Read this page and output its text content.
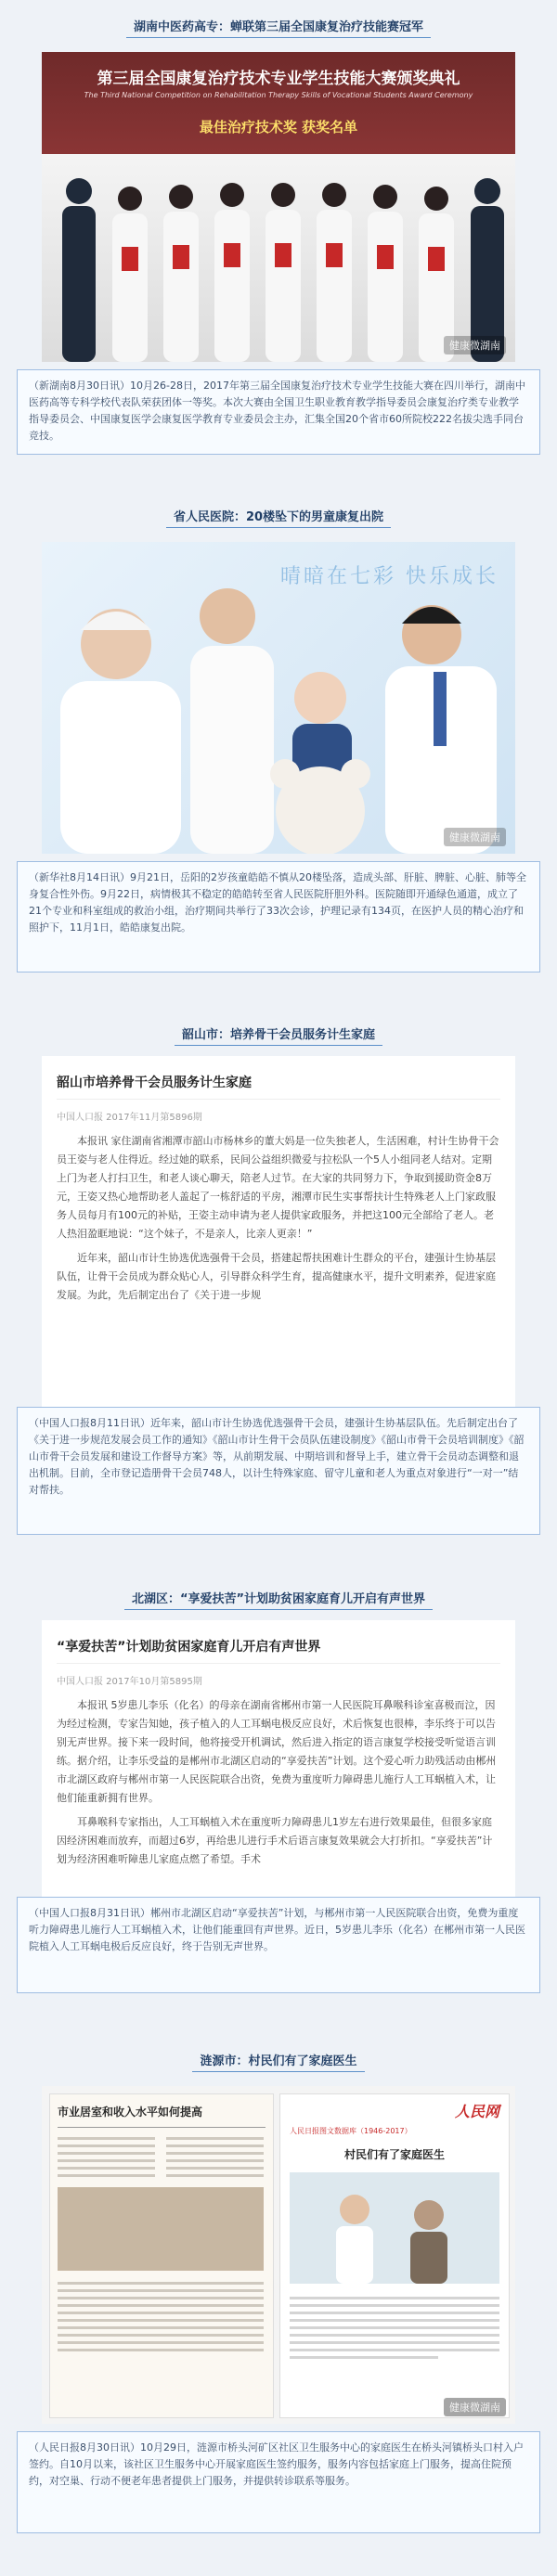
湖南中医药高专：蝉联第三届全国康复治疗技能赛冠军
第三届全国康复治疗技术专业学生技能大赛颁奖典礼
The Third National Competition on Rehabilitation Therapy Skills of Vocational Students Award Ceremony
最佳治疗技术奖 获奖名单
健康微湖南
（新湖南8月30日讯）10月26-28日，2017年第三届全国康复治疗技术专业学生技能大赛在四川举行，湖南中医药高等专科学校代表队荣获团体一等奖。本次大赛由全国卫生职业教育教学指导委员会康复治疗类专业教学指导委员会、中国康复医学会康复医学教育专业委员会主办，汇集全国20个省市60所院校222名拔尖选手同台竞技。
省人民医院：20楼坠下的男童康复出院
晴暗在七彩 快乐成长
健康微湖南
（新华社8月14日讯）9月21日，岳阳的2岁孩童皓皓不慎从20楼坠落，造成头部、肝脏、脾脏、心脏、肺等全身复合性外伤。9月22日，病情极其不稳定的皓皓转至省人民医院肝胆外科。医院随即开通绿色通道，成立了21个专业和科室组成的救治小组，治疗期间共举行了33次会诊，护理记录有134页，在医护人员的精心治疗和照护下，11月1日，皓皓康复出院。
韶山市：培养骨干会员服务计生家庭
韶山市培养骨干会员服务计生家庭
中国人口报 2017年11月第5896期

本报讯 家住湖南省湘潭市韶山市杨林乡的董大妈是一位失独老人，生活困难，村计生协骨干会员王姿与老人住得近。经过她的联系，民间公益组织微爱与拉松队一个5人小组同老人结对。定期上门为老人打扫卫生，和老人谈心聊天，陪老人过节。在大家的共同努力下，争取到援助资金8万元，王姿又热心地帮助老人盖起了一栋舒适的平房，湘潭市民生实事帮扶计生特殊老人上门家政服务人员每月有100元的补贴，王姿主动申请为老人提供家政服务，并把这100元全部给了老人。老人热泪盈眶地说：“这个妹子，不是亲人，比亲人更亲！”

近年来，韶山市计生协选优选强骨干会员，搭建起帮扶困难计生群众的平台，建强计生协基层队伍，让骨干会员成为群众贴心人，引导群众科学生育，提高健康水平，提升文明素养，促进家庭发展。为此，先后制定出台了《关于进一步规

（中国人口报8月11日讯）近年来，韶山市计生协选优选强骨干会员，建强计生协基层队伍。先后制定出台了《关于进一步规范发展会员工作的通知》《韶山市计生骨干会员队伍建设制度》《韶山市骨干会员培训制度》《韶山市骨干会员发展和建设工作督导方案》等，从前期发展、中期培训和督导上手，建立骨干会员动态调整和退出机制。目前，全市登记造册骨干会员748人，以计生特殊家庭、留守儿童和老人为重点对象进行“一对一”结对帮扶。
北湖区：“享爱扶苦”计划助贫困家庭育儿开启有声世界
“享爱扶苦”计划助贫困家庭育儿开启有声世界
中国人口报 2017年10月第5895期

本报讯 5岁患儿李乐（化名）的母亲在湖南省郴州市第一人民医院耳鼻喉科诊室喜极而泣，因为经过检测，专家告知她，孩子植入的人工耳蜗电极反应良好，术后恢复也很棒，李乐终于可以告别无声世界。接下来一段时间，他将接受开机调试，然后进入指定的语言康复学校接受听觉语言训练。据介绍，让李乐受益的是郴州市北湖区启动的“享爱扶苦”计划。这个爱心听力助残活动由郴州市北湖区政府与郴州市第一人民医院联合出资，免费为重度听力障碍患儿施行人工耳蜗植入术，让他们能重新拥有世界。

耳鼻喉科专家指出，人工耳蜗植入术在重度听力障碍患儿1岁左右进行效果最佳，但很多家庭因经济困难而放弃，而超过6岁，再给患儿进行手术后语言康复效果就会大打折扣。“享爱扶苦”计划为经济困难听障患儿家庭点燃了希望。手术

（中国人口报8月31日讯）郴州市北湖区启动“享爱扶苦”计划，与郴州市第一人民医院联合出资，免费为重度听力障碍患儿施行人工耳蜗植入术，让他们能重回有声世界。近日，5岁患儿李乐（化名）在郴州市第一人民医院植入人工耳蜗电极后反应良好，终于告别无声世界。
涟源市：村民们有了家庭医生
市业居室和收入水平如何提高	人民网
人民日报图文数据库（1946-2017）
村民们有了家庭医生
健康微湖南
（人民日报8月30日讯）10月29日，涟源市桥头河矿区社区卫生服务中心的家庭医生在桥头河镇桥头口村入户签约。自10月以来，该社区卫生服务中心开展家庭医生签约服务，服务内容包括家庭上门服务，提高住院预约，对空巢、行动不便老年患者提供上门服务，并提供转诊联系等服务。
